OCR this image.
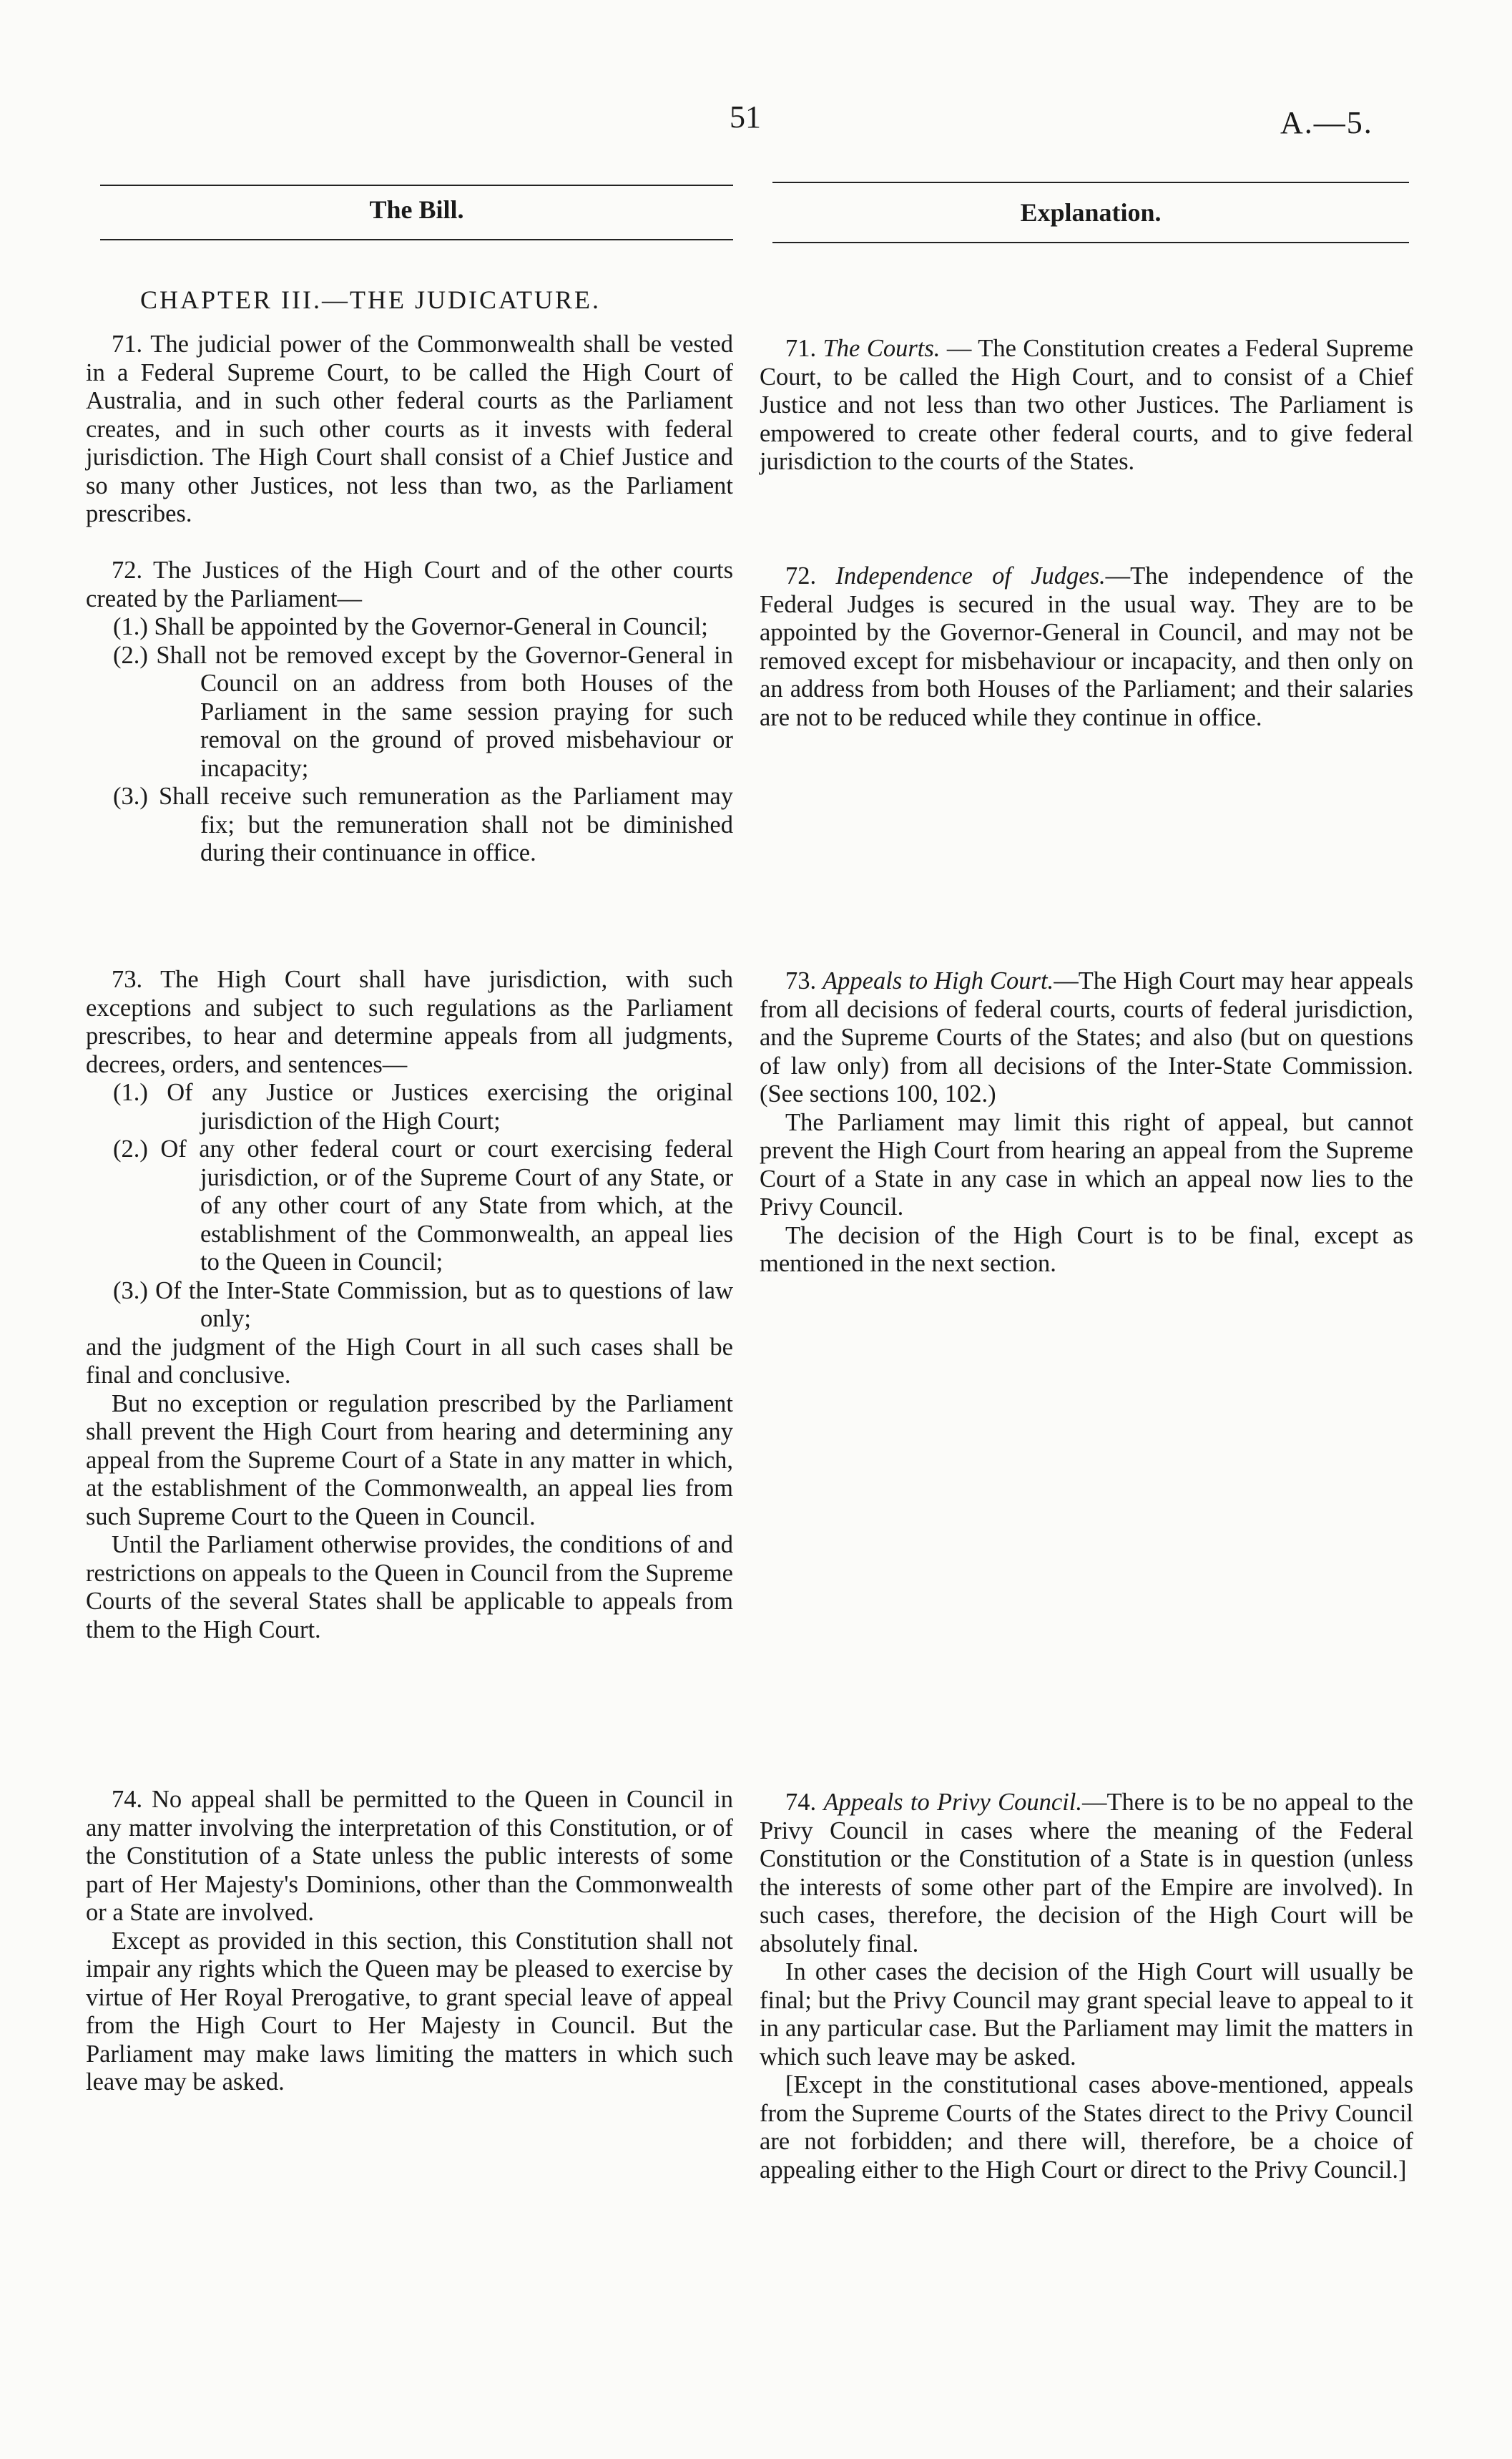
51	A.—5.
The Bill.	Explanation.
CHAPTER III.—THE JUDICATURE.

71. The judicial power of the Commonwealth shall be vested in a Federal Supreme Court, to be called the High Court of Australia, and in such other federal courts as the Parliament creates, and in such other courts as it invests with federal jurisdiction. The High Court shall consist of a Chief Justice and so many other Justices, not less than two, as the Parliament prescribes.

72. The Justices of the High Court and of the other courts created by the Parliament—

(1.) Shall be appointed by the Governor-General in Council;

(2.) Shall not be removed except by the Governor-General in Council on an address from both Houses of the Parliament in the same session praying for such removal on the ground of proved misbehaviour or incapacity;

(3.) Shall receive such remuneration as the Parliament may fix; but the remuneration shall not be diminished during their continuance in office.

73. The High Court shall have jurisdiction, with such exceptions and subject to such regulations as the Parliament prescribes, to hear and determine appeals from all judgments, decrees, orders, and sentences—

(1.) Of any Justice or Justices exercising the original jurisdiction of the High Court;

(2.) Of any other federal court or court exercising federal jurisdiction, or of the Supreme Court of any State, or of any other court of any State from which, at the establishment of the Commonwealth, an appeal lies to the Queen in Council;

(3.) Of the Inter-State Commission, but as to questions of law only;

and the judgment of the High Court in all such cases shall be final and conclusive.

But no exception or regulation prescribed by the Parliament shall prevent the High Court from hearing and determining any appeal from the Supreme Court of a State in any matter in which, at the establishment of the Commonwealth, an appeal lies from such Supreme Court to the Queen in Council.

Until the Parliament otherwise provides, the conditions of and restrictions on appeals to the Queen in Council from the Supreme Courts of the several States shall be applicable to appeals from them to the High Court.

74. No appeal shall be permitted to the Queen in Council in any matter involving the interpretation of this Constitution, or of the Constitution of a State unless the public interests of some part of Her Majesty's Dominions, other than the Commonwealth or a State are involved.

Except as provided in this section, this Constitution shall not impair any rights which the Queen may be pleased to exercise by virtue of Her Royal Prerogative, to grant special leave of appeal from the High Court to Her Majesty in Council. But the Parliament may make laws limiting the matters in which such leave may be asked.

71. The Courts. — The Constitution creates a Federal Supreme Court, to be called the High Court, and to consist of a Chief Justice and not less than two other Justices. The Parliament is empowered to create other federal courts, and to give federal jurisdiction to the courts of the States.

72. Independence of Judges.—The independence of the Federal Judges is secured in the usual way. They are to be appointed by the Governor-General in Council, and may not be removed except for misbehaviour or incapacity, and then only on an address from both Houses of the Parliament; and their salaries are not to be reduced while they continue in office.

73. Appeals to High Court.—The High Court may hear appeals from all decisions of federal courts, courts of federal jurisdiction, and the Supreme Courts of the States; and also (but on questions of law only) from all decisions of the Inter-State Commission. (See sections 100, 102.)

The Parliament may limit this right of appeal, but cannot prevent the High Court from hearing an appeal from the Supreme Court of a State in any case in which an appeal now lies to the Privy Council.

The decision of the High Court is to be final, except as mentioned in the next section.

74. Appeals to Privy Council.—There is to be no appeal to the Privy Council in cases where the meaning of the Federal Constitution or the Constitution of a State is in question (unless the interests of some other part of the Empire are involved). In such cases, therefore, the decision of the High Court will be absolutely final.

In other cases the decision of the High Court will usually be final; but the Privy Council may grant special leave to appeal to it in any particular case. But the Parliament may limit the matters in which such leave may be asked.

[Except in the constitutional cases above-mentioned, appeals from the Supreme Courts of the States direct to the Privy Council are not forbidden; and there will, therefore, be a choice of appealing either to the High Court or direct to the Privy Council.]
